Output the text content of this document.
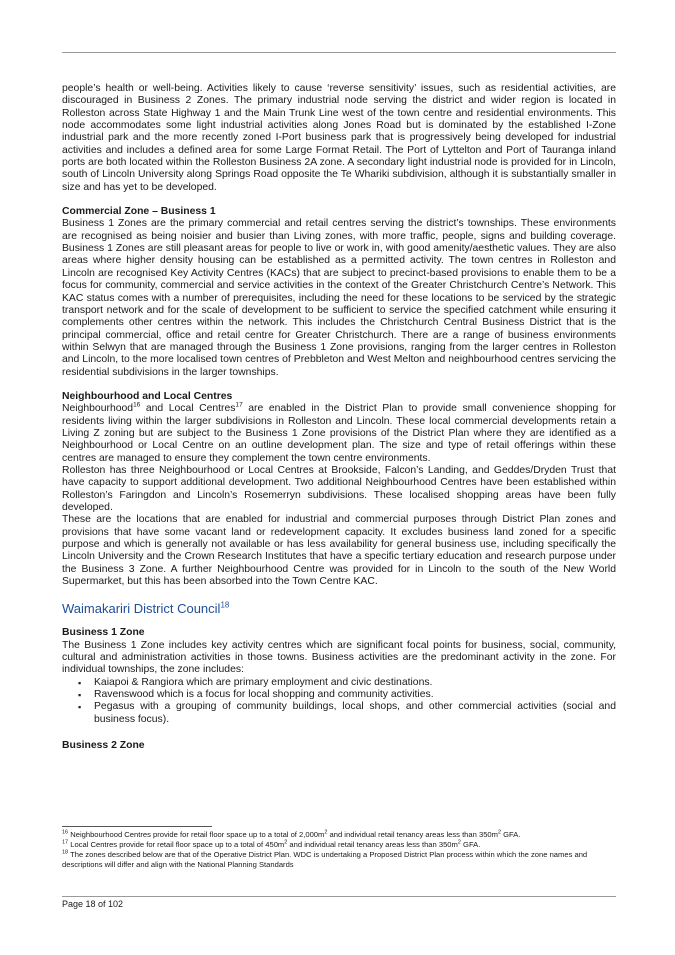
people’s health or well-being. Activities likely to cause ‘reverse sensitivity’ issues, such as residential activities, are discouraged in Business 2 Zones. The primary industrial node serving the district and wider region is located in Rolleston across State Highway 1 and the Main Trunk Line west of the town centre and residential environments. This node accommodates some light industrial activities along Jones Road but is dominated by the established I-Zone industrial park and the more recently zoned I-Port business park that is progressively being developed for industrial activities and includes a defined area for some Large Format Retail. The Port of Lyttelton and Port of Tauranga inland ports are both located within the Rolleston Business 2A zone. A secondary light industrial node is provided for in Lincoln, south of Lincoln University along Springs Road opposite the Te Whariki subdivision, although it is substantially smaller in size and has yet to be developed.

Commercial Zone – Business 1

Business 1 Zones are the primary commercial and retail centres serving the district’s townships. These environments are recognised as being noisier and busier than Living zones, with more traffic, people, signs and building coverage. Business 1 Zones are still pleasant areas for people to live or work in, with good amenity/aesthetic values. They are also areas where higher density housing can be established as a permitted activity. The town centres in Rolleston and Lincoln are recognised Key Activity Centres (KACs) that are subject to precinct-based provisions to enable them to be a focus for community, commercial and service activities in the context of the Greater Christchurch Centre’s Network. This KAC status comes with a number of prerequisites, including the need for these locations to be serviced by the strategic transport network and for the scale of development to be sufficient to service the specified catchment while ensuring it complements other centres within the network. This includes the Christchurch Central Business District that is the principal commercial, office and retail centre for Greater Christchurch. There are a range of business environments within Selwyn that are managed through the Business 1 Zone provisions, ranging from the larger centres in Rolleston and Lincoln, to the more localised town centres of Prebbleton and West Melton and neighbourhood centres servicing the residential subdivisions in the larger townships.

Neighbourhood and Local Centres

Neighbourhood$^{16}$ and Local Centres$^{17}$ are enabled in the District Plan to provide small convenience shopping for residents living within the larger subdivisions in Rolleston and Lincoln. These local commercial developments retain a Living Z zoning but are subject to the Business 1 Zone provisions of the District Plan where they are identified as a Neighbourhood or Local Centre on an outline development plan. The size and type of retail offerings within these centres are managed to ensure they complement the town centre environments.

Rolleston has three Neighbourhood or Local Centres at Brookside, Falcon’s Landing, and Geddes/Dryden Trust that have capacity to support additional development. Two additional Neighbourhood Centres have been established within Rolleston’s Faringdon and Lincoln’s Rosemerryn subdivisions. These localised shopping areas have been fully developed.

These are the locations that are enabled for industrial and commercial purposes through District Plan zones and provisions that have some vacant land or redevelopment capacity. It excludes business land zoned for a specific purpose and which is generally not available or has less availability for general business use, including specifically the Lincoln University and the Crown Research Institutes that have a specific tertiary education and research purpose under the Business 3 Zone. A further Neighbourhood Centre was provided for in Lincoln to the south of the New World Supermarket, but this has been absorbed into the Town Centre KAC.

Waimakariri District Council$^{18}$

Business 1 Zone

The Business 1 Zone includes key activity centres which are significant focal points for business, social, community, cultural and administration activities in those towns. Business activities are the predominant activity in the zone. For individual townships, the zone includes:

▪ Kaiapoi & Rangiora which are primary employment and civic destinations.
▪ Ravenswood which is a focus for local shopping and community activities.
▪ Pegasus with a grouping of community buildings, local shops, and other commercial activities (social and business focus).

Business 2 Zone

$^{16}$ Neighbourhood Centres provide for retail floor space up to a total of $2,000m^2$ and individual retail tenancy areas less than $350m^2$ GFA.
$^{17}$ Local Centres provide for retail floor space up to a total of $450m^2$ and individual retail tenancy areas less than $350m^2$ GFA.
$^{18}$ The zones described below are that of the Operative District Plan. WDC is undertaking a Proposed District Plan process within which the zone names and descriptions will differ and align with the National Planning Standards
Page 18 of 102
